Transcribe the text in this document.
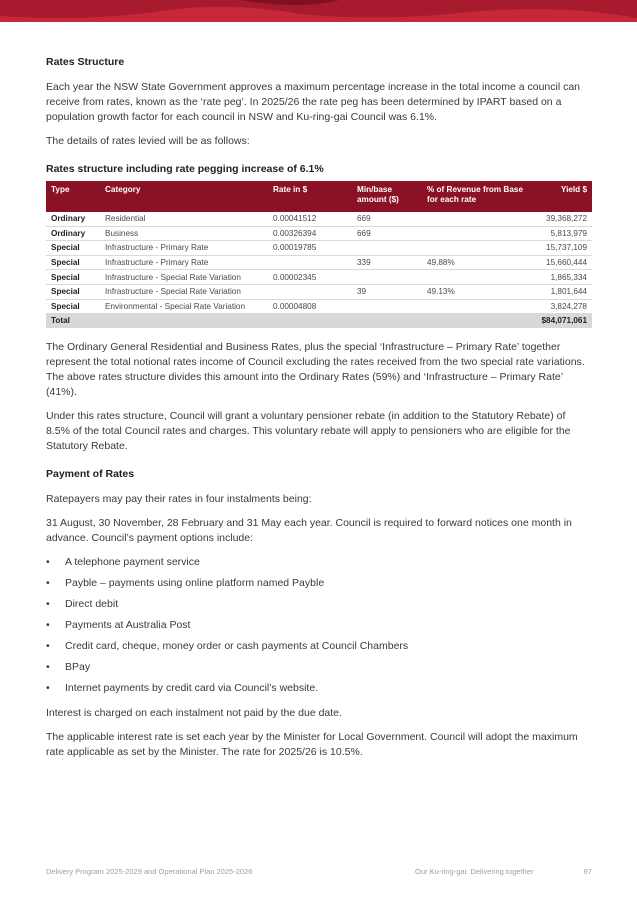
Rates Structure

Each year the NSW State Government approves a maximum percentage increase in the total income a council can receive from rates, known as the ‘rate peg’. In 2025/26 the rate peg has been determined by IPART based on a population growth factor for each council in NSW and Ku-ring-gai Council was 6.1%.

The details of rates levied will be as follows:

Rates structure including rate pegging increase of 6.1%
Type	Category	Rate in $	Min/base amount ($)	% of Revenue from Base for each rate	Yield $
Ordinary	Residential	0.00041512	669		39,368,272
Ordinary	Business	0.00326394	669		5,813,979
Special	Infrastructure - Primary Rate	0.00019785			15,737,109
Special	Infrastructure - Primary Rate		339	49.88%	15,660,444
Special	Infrastructure - Special Rate Variation	0.00002345			1,865,334
Special	Infrastructure - Special Rate Variation		39	49.13%	1,801,644
Special	Environmental - Special Rate Variation	0.00004808			3,824,278
Total					$84,071,061

The Ordinary General Residential and Business Rates, plus the special ‘Infrastructure – Primary Rate’ together represent the total notional rates income of Council excluding the rates received from the two special rate variations. The above rates structure divides this amount into the Ordinary Rates (59%) and ‘Infrastructure – Primary Rate’ (41%).

Under this rates structure, Council will grant a voluntary pensioner rebate (in addition to the Statutory Rebate) of 8.5% of the total Council rates and charges. This voluntary rebate will apply to pensioners who are eligible for the Statutory Rebate.

Payment of Rates

Ratepayers may pay their rates in four instalments being:

31 August, 30 November, 28 February and 31 May each year. Council is required to forward notices one month in advance. Council’s payment options include:

• A telephone payment service
• Payble – payments using online platform named Payble
• Direct debit
• Payments at Australia Post
• Credit card, cheque, money order or cash payments at Council Chambers
• BPay
• Internet payments by credit card via Council’s website.

Interest is charged on each instalment not paid by the due date.

The applicable interest rate is set each year by the Minister for Local Government. Council will adopt the maximum rate applicable as set by the Minister. The rate for 2025/26 is 10.5%.

Delivery Program 2025-2029 and Operational Plan 2025-2026	Our Ku-ring-gai: Delivering together	67
